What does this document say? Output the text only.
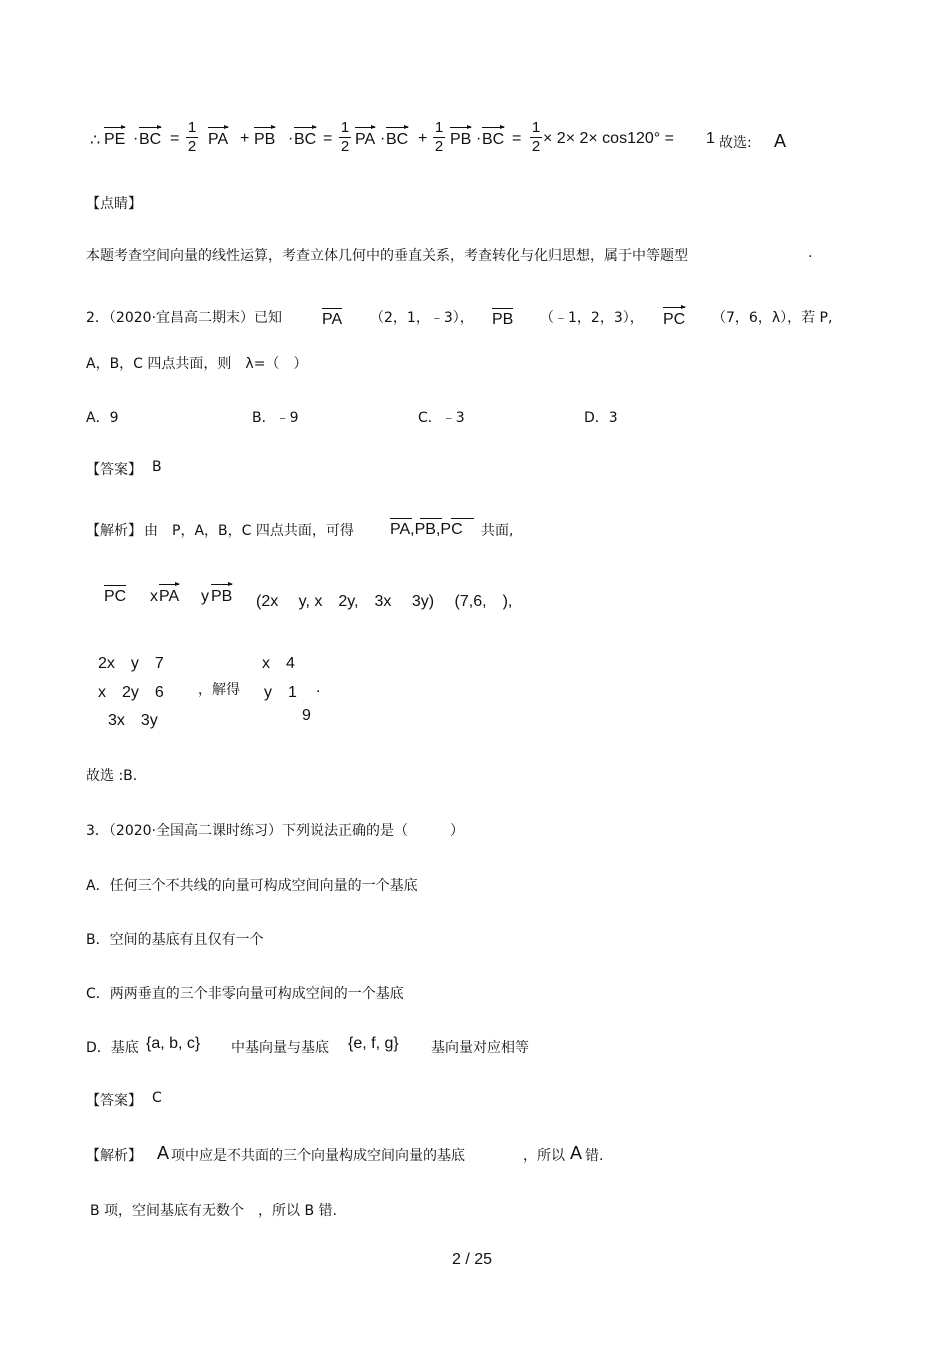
∴ PE · BC =
1
2 PA + PB · BC =
1
2 PA · BC +
1
2 PB · BC =
1
2 × 2× 2× cos120° = 1 故选: A
【点睛】
本题考查空间向量的线性运算，考查立体几何中的垂直关系，考查转化与化归思想，属于中等题型	.
2．（2020·宜昌高二期末）已知	PA （2，1，﹣3）， PB （﹣1，2，3）， PC （7，6，λ），若 P,
A，B，C 四点共面，则　λ=（　）
A．9	B．﹣9	C．﹣3	D．3
【答案】 B
【解析】 由　P，A，B，C 四点共面，可得 PA,PB,PC 共面,
PC x PA y PB (2x　 y, x　2y,　3x　 3y)　 (7,6,　),
2x　y　7
x　2y　6
3x　3y
，解得
x　4
y　1
9
.
故选 :B.
3．（2020·全国高二课时练习）下列说法正确的是（　　　）
A．任何三个不共线的向量可构成空间向量的一个基底
B．空间的基底有且仅有一个
C．两两垂直的三个非零向量可构成空间的一个基底
D．基底 {a, b, c} 中基向量与基底 {e, f, g} 基向量对应相等
【答案】 C
【解析】 A 项中应是不共面的三个向量构成空间向量的基底	，所以 A 错.
B 项，空间基底有无数个　，所以 B 错.
2 / 25
